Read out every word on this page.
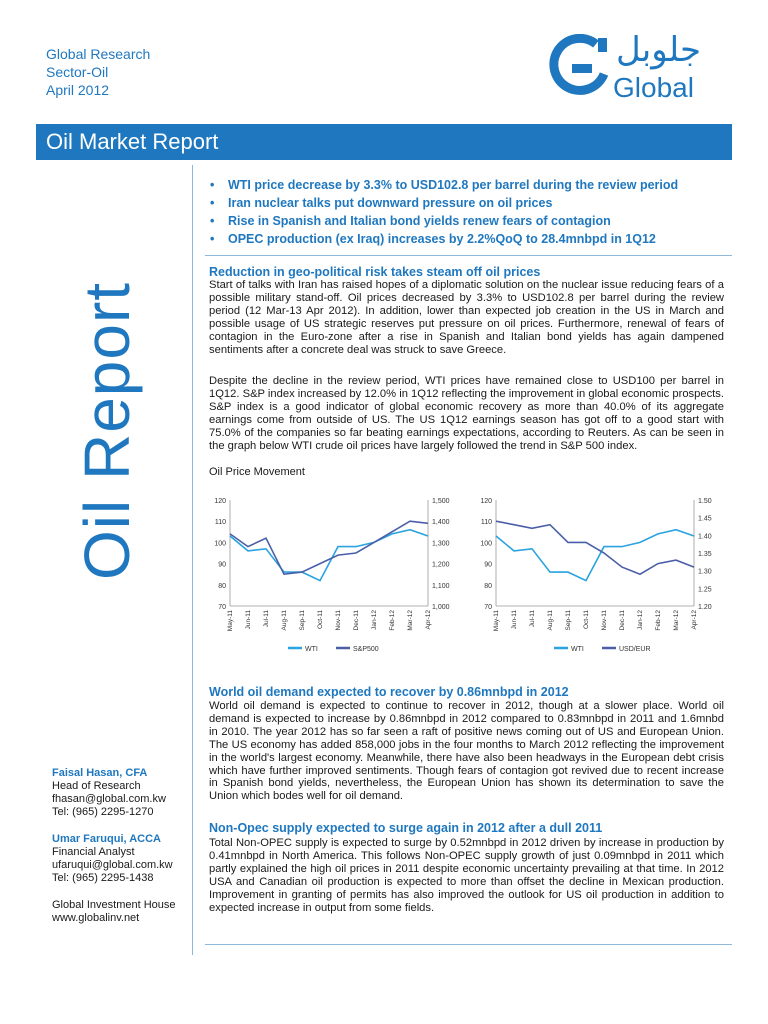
Global Research
Sector-Oil
April 2012
جلوبل
Global
Oil Market Report
Oil Report
• WTI price decrease by 3.3% to USD102.8 per barrel during the review period
• Iran nuclear talks put downward pressure on oil prices
• Rise in Spanish and Italian bond yields renew fears of contagion
• OPEC production (ex Iraq) increases by 2.2%QoQ to 28.4mnbpd in 1Q12
Reduction in geo-political risk takes steam off oil prices
Start of talks with Iran has raised hopes of a diplomatic solution on the nuclear issue reducing fears of a possible military stand-off. Oil prices decreased by 3.3% to USD102.8 per barrel during the review period (12 Mar-13 Apr 2012). In addition, lower than expected job creation in the US in March and possible usage of US strategic reserves put pressure on oil prices. Furthermore, renewal of fears of contagion in the Euro-zone after a rise in Spanish and Italian bond yields has again dampened sentiments after a concrete deal was struck to save Greece.
Despite the decline in the review period, WTI prices have remained close to USD100 per barrel in 1Q12. S&P index increased by 12.0% in 1Q12 reflecting the improvement in global economic prospects. S&P index is a good indicator of global economic recovery as more than 40.0% of its aggregate earnings come from outside of US. The US 1Q12 earnings season has got off to a good start with 75.0% of the companies so far beating earnings expectations, according to Reuters. As can be seen in the graph below WTI crude oil prices have largely followed the trend in S&P 500 index.
Oil Price Movement
120
110
100
90
80
70
1,500
1,400
1,300
1,200
1,100
1,000
May-11 Jun-11 Jul-11 Aug-11 Sep-11 Oct-11 Nov-11 Dec-11 Jan-12 Feb-12 Mar-12 Apr-12
WTI	S&P500
120
110
100
90
80
70
1.50
1.45
1.40
1.35
1.30
1.25
1.20
May-11 Jun-11 Jul-11 Aug-11 Sep-11 Oct-11 Nov-11 Dec-11 Jan-12 Feb-12 Mar-12 Apr-12
WTI	USD/EUR
World oil demand expected to recover by 0.86mnbpd in 2012
World oil demand is expected to continue to recover in 2012, though at a slower place. World oil demand is expected to increase by 0.86mnbpd in 2012 compared to 0.83mnbpd in 2011 and 1.6mnbd in 2010. The year 2012 has so far seen a raft of positive news coming out of US and European Union. The US economy has added 858,000 jobs in the four months to March 2012 reflecting the improvement in the world's largest economy. Meanwhile, there have also been headways in the European debt crisis which have further improved sentiments. Though fears of contagion got revived due to recent increase in Spanish bond yields, nevertheless, the European Union has shown its determination to save the Union which bodes well for oil demand.
Non-Opec supply expected to surge again in 2012 after a dull 2011
Total Non-OPEC supply is expected to surge by 0.52mnbpd in 2012 driven by increase in production by 0.41mnbpd in North America. This follows Non-OPEC supply growth of just 0.09mnbpd in 2011 which partly explained the high oil prices in 2011 despite economic uncertainty prevailing at that time. In 2012 USA and Canadian oil production is expected to more than offset the decline in Mexican production. Improvement in granting of permits has also improved the outlook for US oil production in addition to expected increase in output from some fields.
Faisal Hasan, CFA
Head of Research
fhasan@global.com.kw
Tel: (965) 2295-1270
Umar Faruqui, ACCA
Financial Analyst
ufaruqui@global.com.kw
Tel: (965) 2295-1438
Global Investment House
www.globalinv.net
